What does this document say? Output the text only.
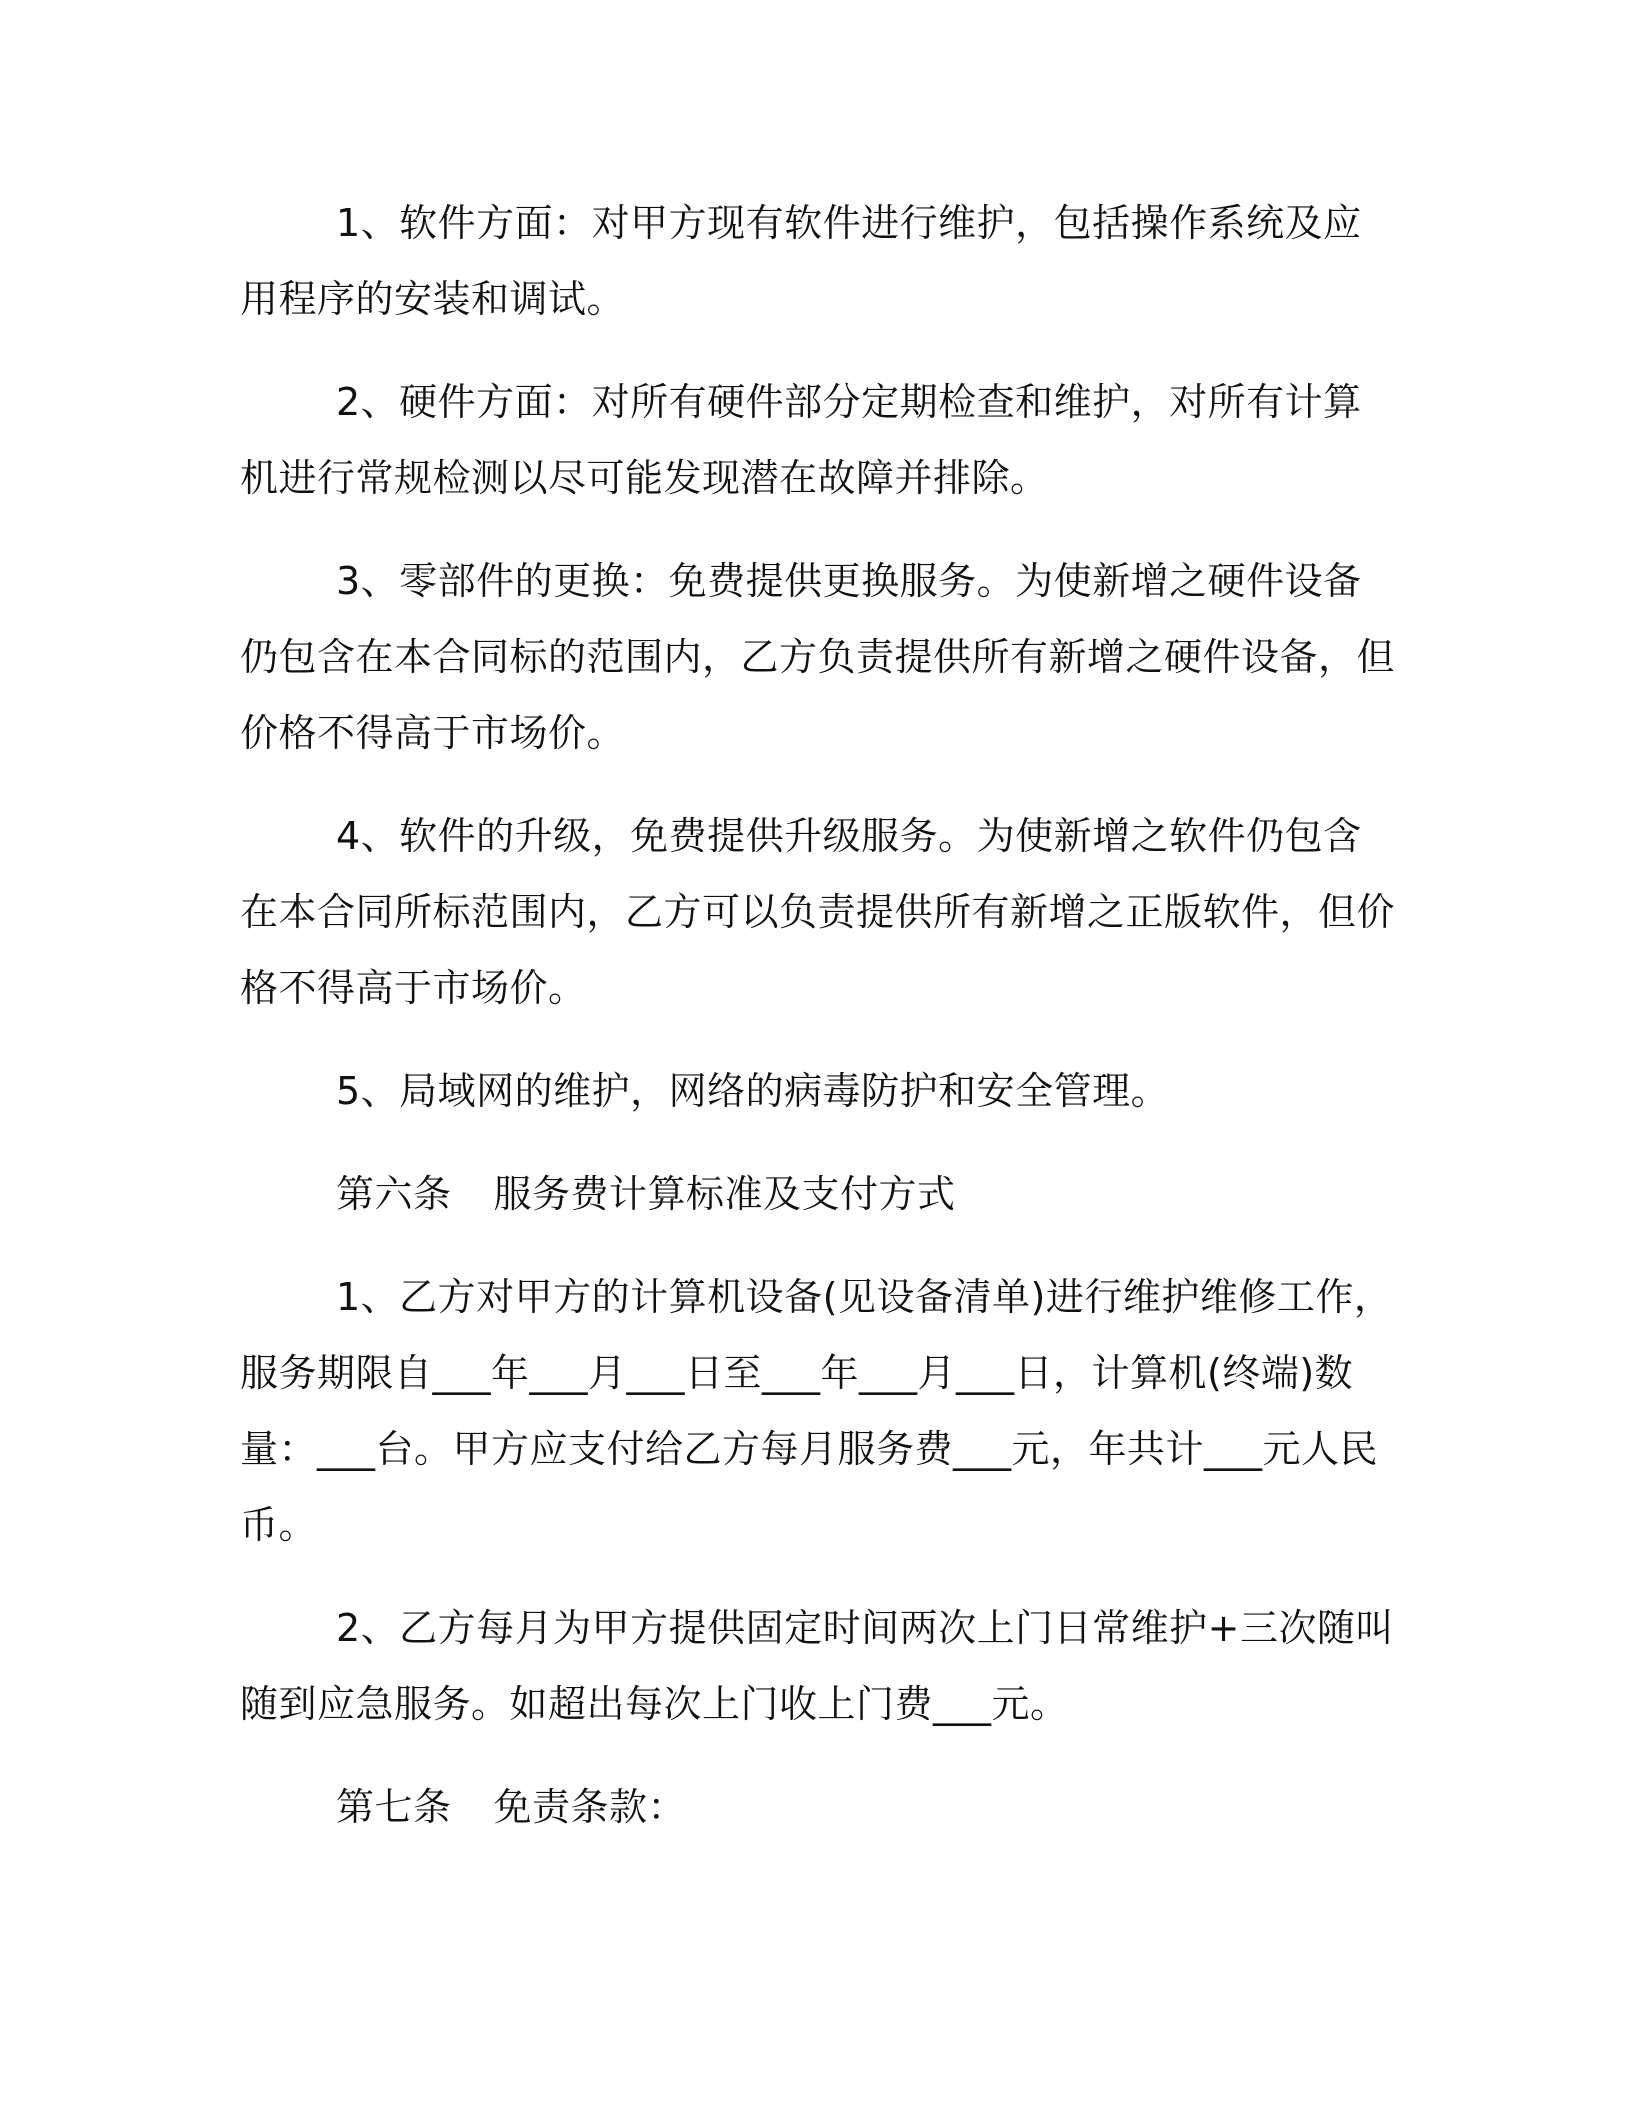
1、软件方面：对甲方现有软件进行维护，包括操作系统及应用程序的安装和调试。

2、硬件方面：对所有硬件部分定期检查和维护，对所有计算机进行常规检测以尽可能发现潜在故障并排除。

3、零部件的更换：免费提供更换服务。为使新增之硬件设备仍包含在本合同标的范围内，乙方负责提供所有新增之硬件设备，但价格不得高于市场价。

4、软件的升级，免费提供升级服务。为使新增之软件仍包含在本合同所标范围内，乙方可以负责提供所有新增之正版软件，但价格不得高于市场价。

5、局域网的维护，网络的病毒防护和安全管理。

第六条 服务费计算标准及支付方式

1、乙方对甲方的计算机设备(见设备清单)进行维护维修工作，服务期限自___年___月___日至___年___月___日，计算机(终端)数量：___台。甲方应支付给乙方每月服务费___元，年共计___元人民币。

2、乙方每月为甲方提供固定时间两次上门日常维护+三次随叫随到应急服务。如超出每次上门收上门费___元。

第七条 免责条款：
